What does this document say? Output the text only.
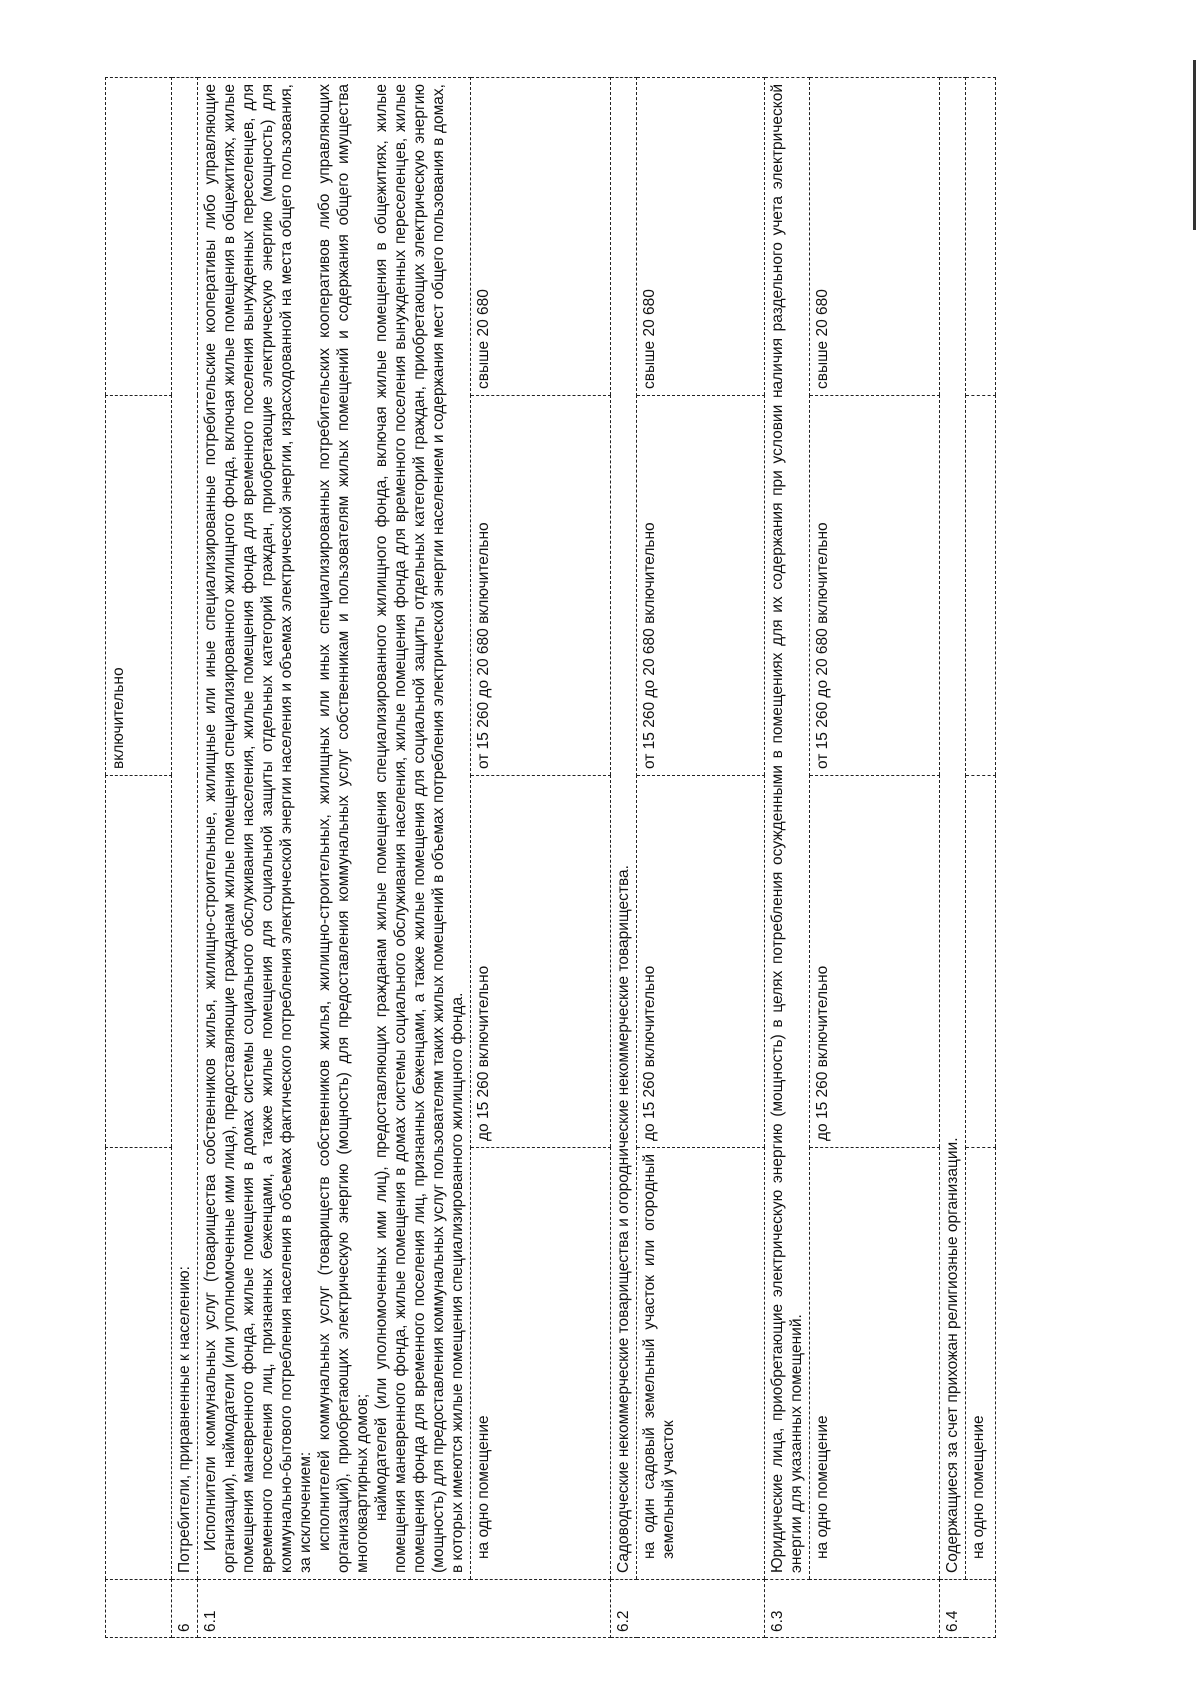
			включительно	
6	Потребители, приравненные к населению:			
6.1	Исполнители коммунальных услуг (товарищества собственников жилья, жилищно-строительные, жилищные или иные специализированные потребительские кооперативы либо управляющие организации), наймодатели (или уполномоченные ими лица), предоставляющие гражданам жилые помещения специализированного жилищного фонда, включая жилые помещения в общежитиях, жилые помещения маневренного фонда, жилые помещения в домах системы социального обслуживания населения, жилые помещения фонда для временного поселения вынужденных переселенцев, для временного поселения лиц, признанных беженцами, а также жилые помещения для социальной защиты отдельных категорий граждан, приобретающие электрическую энергию (мощность) для коммунально-бытового потребления населения в объемах фактического потребления электрической энергии населения и объемах электрической энергии, израсходованной на места общего пользования, за исключением: исполнителей коммунальных услуг (товариществ собственников жилья, жилищно-строительных, жилищных или иных специализированных потребительских кооперативов либо управляющих организаций), приобретающих электрическую энергию (мощность) для предоставления коммунальных услуг собственникам и пользователям жилых помещений и содержания общего имущества многоквартирных домов; наймодателей (или уполномоченных ими лиц), предоставляющих гражданам жилые помещения специализированного жилищного фонда, включая жилые помещения в общежитиях, жилые помещения маневренного фонда, жилые помещения в домах системы социального обслуживания населения, жилые помещения фонда для временного поселения вынужденных переселенцев, жилые помещения фонда для временного поселения лиц, признанных беженцами, а также жилые помещения для социальной защиты отдельных категорий граждан, приобретающих электрическую энергию (мощность) для предоставления коммунальных услуг пользователям таких жилых помещений в объемах потребления электрической энергии населением и содержания мест общего пользования в домах, в которых имеются жилые помещения специализированного жилищного фонда.			

	на одно помещение	до 15 260 включительно	от 15 260 до 20 680 включительно	свыше 20 680
6.2	Садоводческие некоммерческие товарищества и огороднические некоммерческие товарищества.			
	на один садовый земельный участок или огородный земельный участок	до 15 260 включительно	от 15 260 до 20 680 включительно	свыше 20 680
6.3	Юридические лица, приобретающие электрическую энергию (мощность) в целях потребления осужденными в помещениях для их содержания при условии наличия раздельного учета электрической энергии для указанных помещений.			
	на одно помещение	до 15 260 включительно	от 15 260 до 20 680 включительно	свыше 20 680
6.4	Содержащиеся за счет прихожан религиозные организации.			
	на одно помещение			
